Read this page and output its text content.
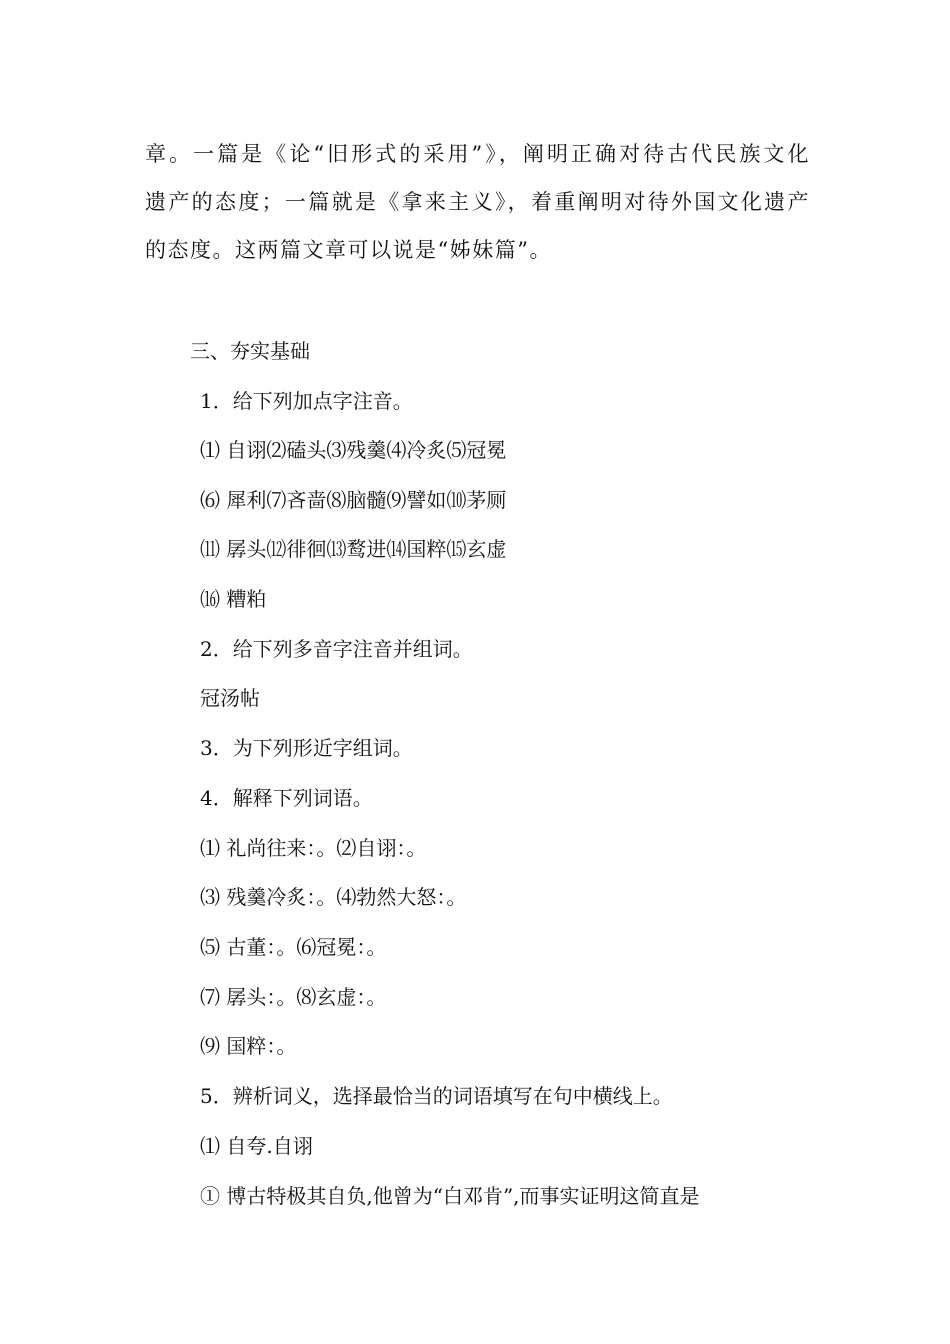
章。一篇是《论“旧形式的采用”》，阐明正确对待古代民族文化
遗产的态度；一篇就是《拿来主义》，着重阐明对待外国文化遗产
的态度。这两篇文章可以说是“姊妹篇”。
三、夯实基础
1．给下列加点字注音。
⑴ 自诩⑵磕头⑶残羹⑷冷炙⑸冠冕
⑹ 犀利⑺吝啬⑻脑髓⑼譬如⑽茅厕
⑾ 孱头⑿徘徊⒀鹜进⒁国粹⒂玄虚
⒃ 糟粕
2．给下列多音字注音并组词。
冠汤帖
3．为下列形近字组词。
4．解释下列词语。
⑴ 礼尚往来：。⑵自诩：。
⑶ 残羹冷炙：。⑷勃然大怒：。
⑸ 古董：。⑹冠冕：。
⑺ 孱头：。⑻玄虚：。
⑼ 国粹：。
5．辨析词义，选择最恰当的词语填写在句中横线上。
⑴ 自夸.自诩
① 博古特极其自负,他曾为“白邓肯”,而事实证明这简直是
